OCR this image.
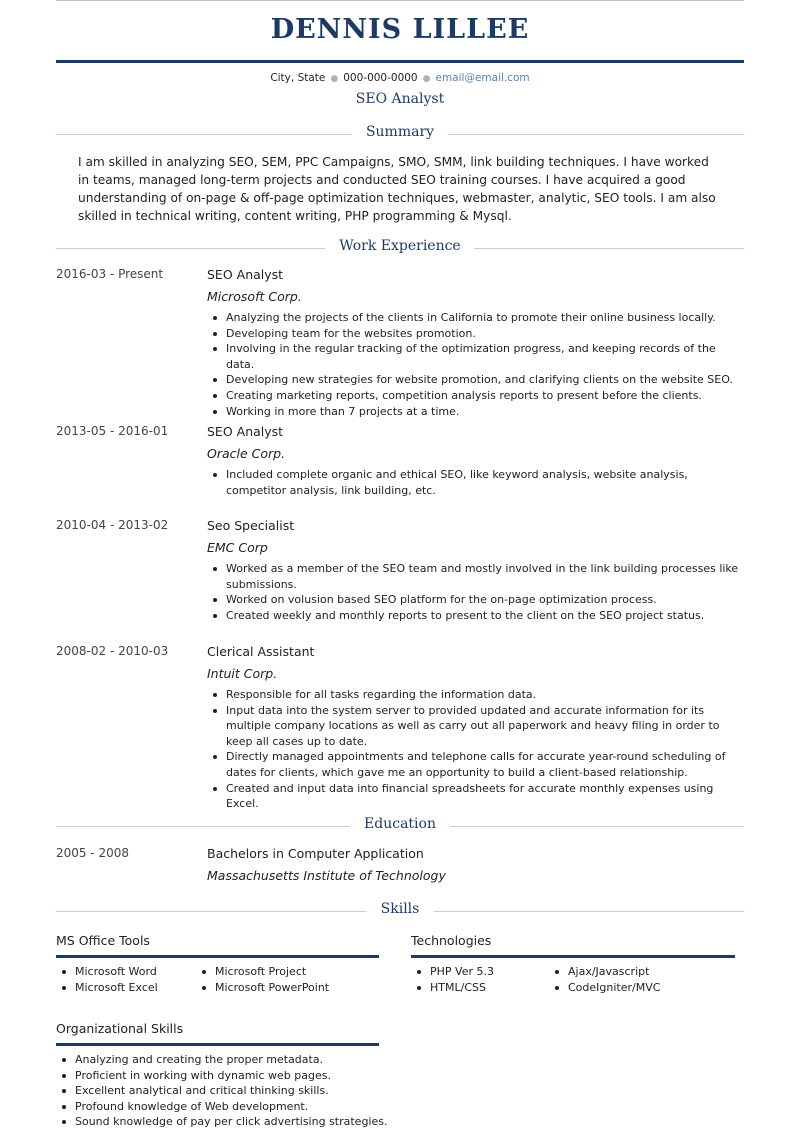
DENNIS LILLEE
City, State ● 000-000-0000 ● email@email.com
SEO Analyst
Summary

I am skilled in analyzing SEO, SEM, PPC Campaigns, SMO, SMM, link building techniques. I have worked in teams, managed long-term projects and conducted SEO training courses. I have acquired a good understanding of on-page & off-page optimization techniques, webmaster, analytic, SEO tools. I am also skilled in technical writing, content writing, PHP programming & Mysql.

Work Experience
2016-03 - Present	SEO Analyst
Microsoft Corp.
Analyzing the projects of the clients in California to promote their online business locally.
Developing team for the websites promotion.
Involving in the regular tracking of the optimization progress, and keeping records of the data.
Developing new strategies for website promotion, and clarifying clients on the website SEO.
Creating marketing reports, competition analysis reports to present before the clients.
Working in more than 7 projects at a time.
2013-05 - 2016-01	SEO Analyst
Oracle Corp.
Included complete organic and ethical SEO, like keyword analysis, website analysis, competitor analysis, link building, etc.
2010-04 - 2013-02	Seo Specialist
EMC Corp
Worked as a member of the SEO team and mostly involved in the link building processes like submissions.
Worked on volusion based SEO platform for the on-page optimization process.
Created weekly and monthly reports to present to the client on the SEO project status.
2008-02 - 2010-03	Clerical Assistant
Intuit Corp.
Responsible for all tasks regarding the information data.
Input data into the system server to provided updated and accurate information for its multiple company locations as well as carry out all paperwork and heavy filing in order to keep all cases up to date.
Directly managed appointments and telephone calls for accurate year-round scheduling of dates for clients, which gave me an opportunity to build a client-based relationship.
Created and input data into financial spreadsheets for accurate monthly expenses using Excel.
Education
2005 - 2008	Bachelors in Computer Application
Massachusetts Institute of Technology
Skills
MS Office Tools
Microsoft Word	Microsoft Project
Microsoft Excel	Microsoft PowerPoint
Technologies
PHP Ver 5.3	Ajax/Javascript
HTML/CSS	CodeIgniter/MVC
Organizational Skills
Analyzing and creating the proper metadata.
Proficient in working with dynamic web pages.
Excellent analytical and critical thinking skills.
Profound knowledge of Web development.
Sound knowledge of pay per click advertising strategies.
